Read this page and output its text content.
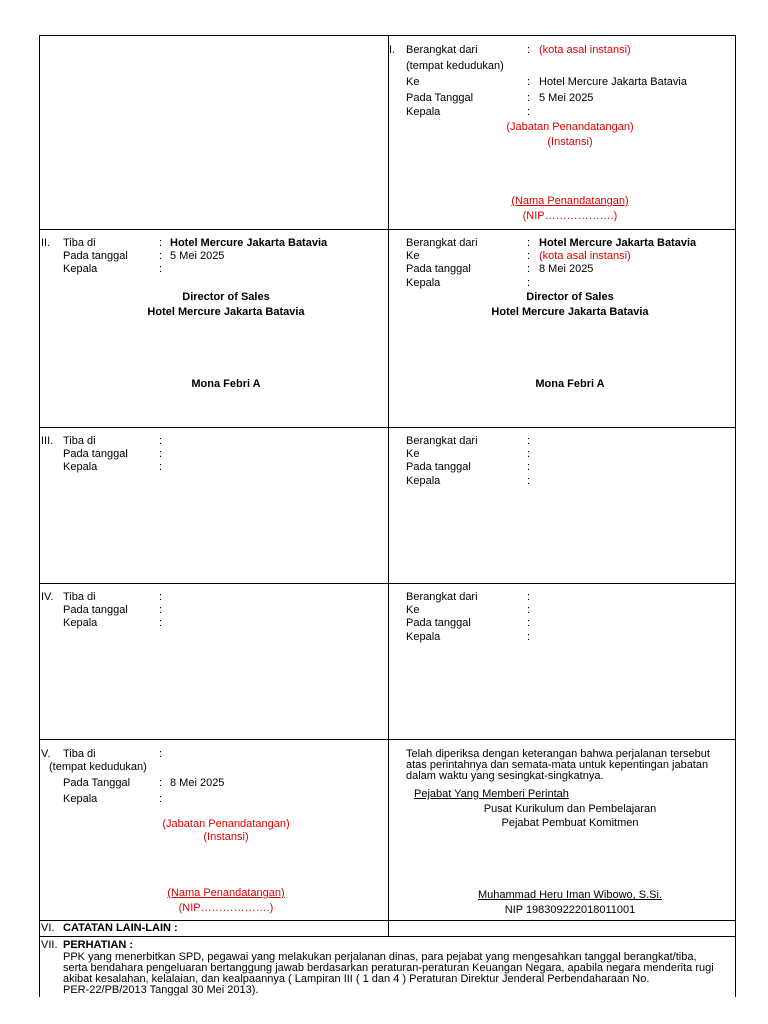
I. Berangkat dari	: (kota asal instansi)
(tempat kedudukan)
Ke	: Hotel Mercure Jakarta Batavia
Pada Tanggal	: 5 Mei 2025
Kepala	:
(Jabatan Penandatangan)
(Instansi)
(Nama Penandatangan)
(NIP……………….)
II. Tiba di	: Hotel Mercure Jakarta Batavia
Pada tanggal	: 5 Mei 2025
Kepala	:
Director of Sales
Hotel Mercure Jakarta Batavia
Mona Febri A
Berangkat dari	: Hotel Mercure Jakarta Batavia
Ke	: (kota asal instansi)
Pada tanggal	: 8 Mei 2025
Kepala	:
Director of Sales
Hotel Mercure Jakarta Batavia
Mona Febri A
III. Tiba di	:
Pada tanggal	:
Kepala	:
Berangkat dari	:
Ke	:
Pada tanggal	:
Kepala	:
IV. Tiba di	:
Pada tanggal	:
Kepala	:
Berangkat dari	:
Ke	:
Pada tanggal	:
Kepala	:
V. Tiba di	:
(tempat kedudukan)
Pada Tanggal	: 8 Mei 2025
Kepala	:
(Jabatan Penandatangan)
(Instansi)
(Nama Penandatangan)
(NIP……………….)
Telah diperiksa dengan keterangan bahwa perjalanan tersebut
atas perintahnya dan semata-mata untuk kepentingan jabatan
dalam waktu yang sesingkat-singkatnya.
Pejabat Yang Memberi Perintah
Pusat Kurikulum dan Pembelajaran
Pejabat Pembuat Komitmen
Muhammad Heru Iman Wibowo, S.Si.
NIP 198309222018011001
VI. CATATAN LAIN-LAIN :
VII. PERHATIAN :
PPK yang menerbitkan SPD, pegawai yang melakukan perjalanan dinas, para pejabat yang mengesahkan tanggal berangkat/tiba,
serta bendahara pengeluaran bertanggung jawab berdasarkan peraturan-peraturan Keuangan Negara, apabila negara menderita rugi
akibat kesalahan, kelalaian, dan kealpaannya ( Lampiran III ( 1 dan 4 ) Peraturan Direktur Jenderal Perbendaharaan No.
PER-22/PB/2013 Tanggal 30 Mei 2013).
